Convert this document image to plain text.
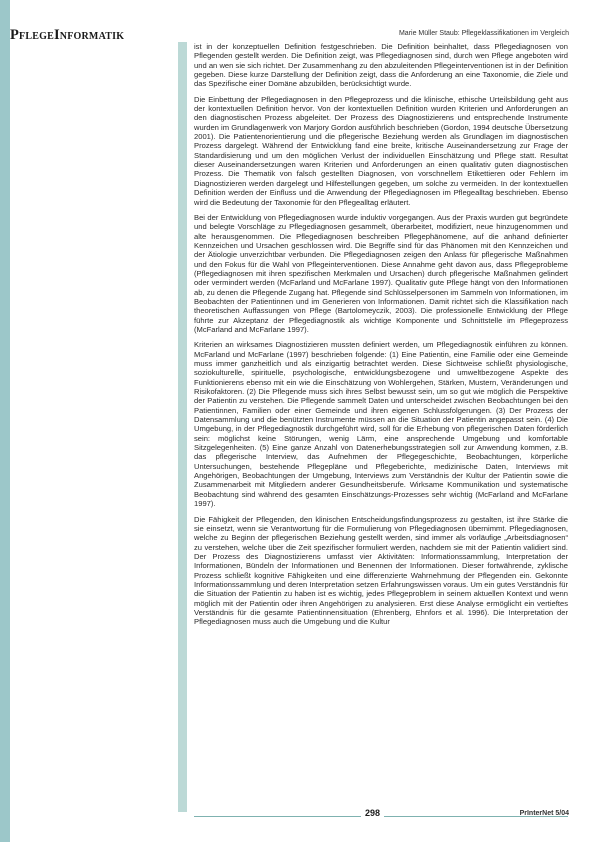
PflegeInformatik	Marie Müller Staub: Pflegeklassifikationen im Vergleich

ist in der konzeptuellen Definition festgeschrieben. Die Definition beinhaltet, dass Pflegediagnosen von Pflegenden gestellt werden. Die Definition zeigt, was Pflegediagnosen sind, durch wen Pflege angeboten wird und an wen sie sich richtet. Der Zusammenhang zu den abzuleitenden Pflegeinterventionen ist in der Definition gegeben. Diese kurze Darstellung der Definition zeigt, dass die Anforderung an eine Taxonomie, die Ziele und das Spezifische einer Domäne abzubilden, berücksichtigt wurde.

Die Einbettung der Pflegediagnosen in den Pflegeprozess und die klinische, ethische Urteilsbildung geht aus der kontextuellen Definition hervor. Von der kontextuellen Definition wurden Kriterien und Anforderungen an den diagnostischen Prozess abgeleitet. Der Prozess des Diagnostizierens und entsprechende Instrumente wurden im Grundlagenwerk von Marjory Gordon ausführlich beschrieben (Gordon, 1994 deutsche Übersetzung 2001). Die Patientenorientierung und die pflegerische Beziehung werden als Grundlagen im diagnostischen Prozess dargelegt. Während der Entwicklung fand eine breite, kritische Auseinandersetzung zur Frage der Standardisierung und um den möglichen Verlust der individuellen Einschätzung und Pflege statt. Resultat dieser Auseinandersetzungen waren Kriterien und Anforderungen an einen qualitativ guten diagnostischen Prozess. Die Thematik von falsch gestellten Diagnosen, von vorschnellem Etikettieren oder Fehlern im Diagnostizieren werden dargelegt und Hilfestellungen gegeben, um solche zu vermeiden. In der kontextuellen Definition werden der Einfluss und die Anwendung der Pflegediagnosen im Pflegealltag beschrieben. Ebenso wird die Bedeutung der Taxonomie für den Pflegealltag erläutert.

Bei der Entwicklung von Pflegediagnosen wurde induktiv vorgegangen. Aus der Praxis wurden gut begründete und belegte Vorschläge zu Pflegediagnosen gesammelt, überarbeitet, modifiziert, neue hinzugenommen und alte herausgenommen. Die Pflegediagnosen beschreiben Pflegephänomene, auf die anhand definierter Kennzeichen und Ursachen geschlossen wird. Die Begriffe sind für das Phänomen mit den Kennzeichen und der Ätiologie unverzichtbar verbunden. Die Pflegediagnosen zeigen den Anlass für pflegerische Maßnahmen und den Fokus für die Wahl von Pflegeinterventionen. Diese Annahme geht davon aus, dass Pflegeprobleme (Pflegediagnosen mit ihren spezifischen Merkmalen und Ursachen) durch pflegerische Maßnahmen gelindert oder vermindert werden (McFarland und McFarlane 1997). Qualitativ gute Pflege hängt von den Informationen ab, zu denen die Pflegende Zugang hat. Pflegende sind Schlüsselpersonen im Sammeln von Informationen, im Beobachten der Patientinnen und im Generieren von Informationen. Damit richtet sich die Klassifikation nach theoretischen Auffassungen von Pflege (Bartolomeyczik, 2003). Die professionelle Entwicklung der Pflege führte zur Akzeptanz der Pflegediagnostik als wichtige Komponente und Schnittstelle im Pflegeprozess (McFarland and McFarlane 1997).

Kriterien an wirksames Diagnostizieren mussten definiert werden, um Pflegediagnostik einführen zu können. McFarland und McFarlane (1997) beschrieben folgende: (1) Eine Patientin, eine Familie oder eine Gemeinde muss immer ganzheitlich und als einzigartig betrachtet werden. Diese Sichtweise schließt physiologische, soziokulturelle, spirituelle, psychologische, entwicklungsbezogene und umweltbezogene Aspekte des Funktionierens ebenso mit ein wie die Einschätzung von Wohlergehen, Stärken, Mustern, Veränderungen und Risikofaktoren. (2) Die Pflegende muss sich ihres Selbst bewusst sein, um so gut wie möglich die Perspektive der Patientin zu verstehen. Die Pflegende sammelt Daten und unterscheidet zwischen Beobachtungen bei den Patientinnen, Familien oder einer Gemeinde und ihren eigenen Schlussfolgerungen. (3) Der Prozess der Datensammlung und die benützten Instrumente müssen an die Situation der Patientin angepasst sein. (4) Die Umgebung, in der Pflegediagnostik durchgeführt wird, soll für die Erhebung von pflegerischen Daten förderlich sein: möglichst keine Störungen, wenig Lärm, eine ansprechende Umgebung und komfortable Sitzgelegenheiten. (5) Eine ganze Anzahl von Datenerhebungsstrategien soll zur Anwendung kommen, z.B. das pflegerische Interview, das Aufnehmen der Pflegegeschichte, Beobachtungen, körperliche Untersuchungen, bestehende Pflegepläne und Pflegeberichte, medizinische Daten, Interviews mit Angehörigen, Beobachtungen der Umgebung, Interviews zum Verständnis der Kultur der Patientin sowie die Zusammenarbeit mit Mitgliedern anderer Gesundheitsberufe. Wirksame Kommunikation und systematische Beobachtung sind während des gesamten Einschätzungs-Prozesses sehr wichtig (McFarland and McFarlane 1997).

Die Fähigkeit der Pflegenden, den klinischen Entscheidungsfindungsprozess zu gestalten, ist ihre Stärke die sie einsetzt, wenn sie Verantwortung für die Formulierung von Pflegediagnosen übernimmt. Pflegediagnosen, welche zu Beginn der pflegerischen Beziehung gestellt werden, sind immer als vorläufige „Arbeitsdiagnosen“ zu verstehen, welche über die Zeit spezifischer formuliert werden, nachdem sie mit der Patientin validiert sind. Der Prozess des Diagnostizierens umfasst vier Aktivitäten: Informationssammlung, Interpretation der Informationen, Bündeln der Informationen und Benennen der Informationen. Dieser fortwährende, zyklische Prozess schließt kognitive Fähigkeiten und eine differenzierte Wahrnehmung der Pflegenden ein. Gekonnte Informationssammlung und deren Interpretation setzen Erfahrungswissen voraus. Um ein gutes Verständnis für die Situation der Patientin zu haben ist es wichtig, jedes Pflegeproblem in seinem aktuellen Kontext und wenn möglich mit der Patientin oder ihren Angehörigen zu analysieren. Erst diese Analyse ermöglicht ein vertieftes Verständnis für die gesamte Patientinnensituation (Ehrenberg, Ehnfors et al. 1996). Die Interpretation der Pflegediagnosen muss auch die Umgebung und die Kultur

298	PrInterNet 5/04
